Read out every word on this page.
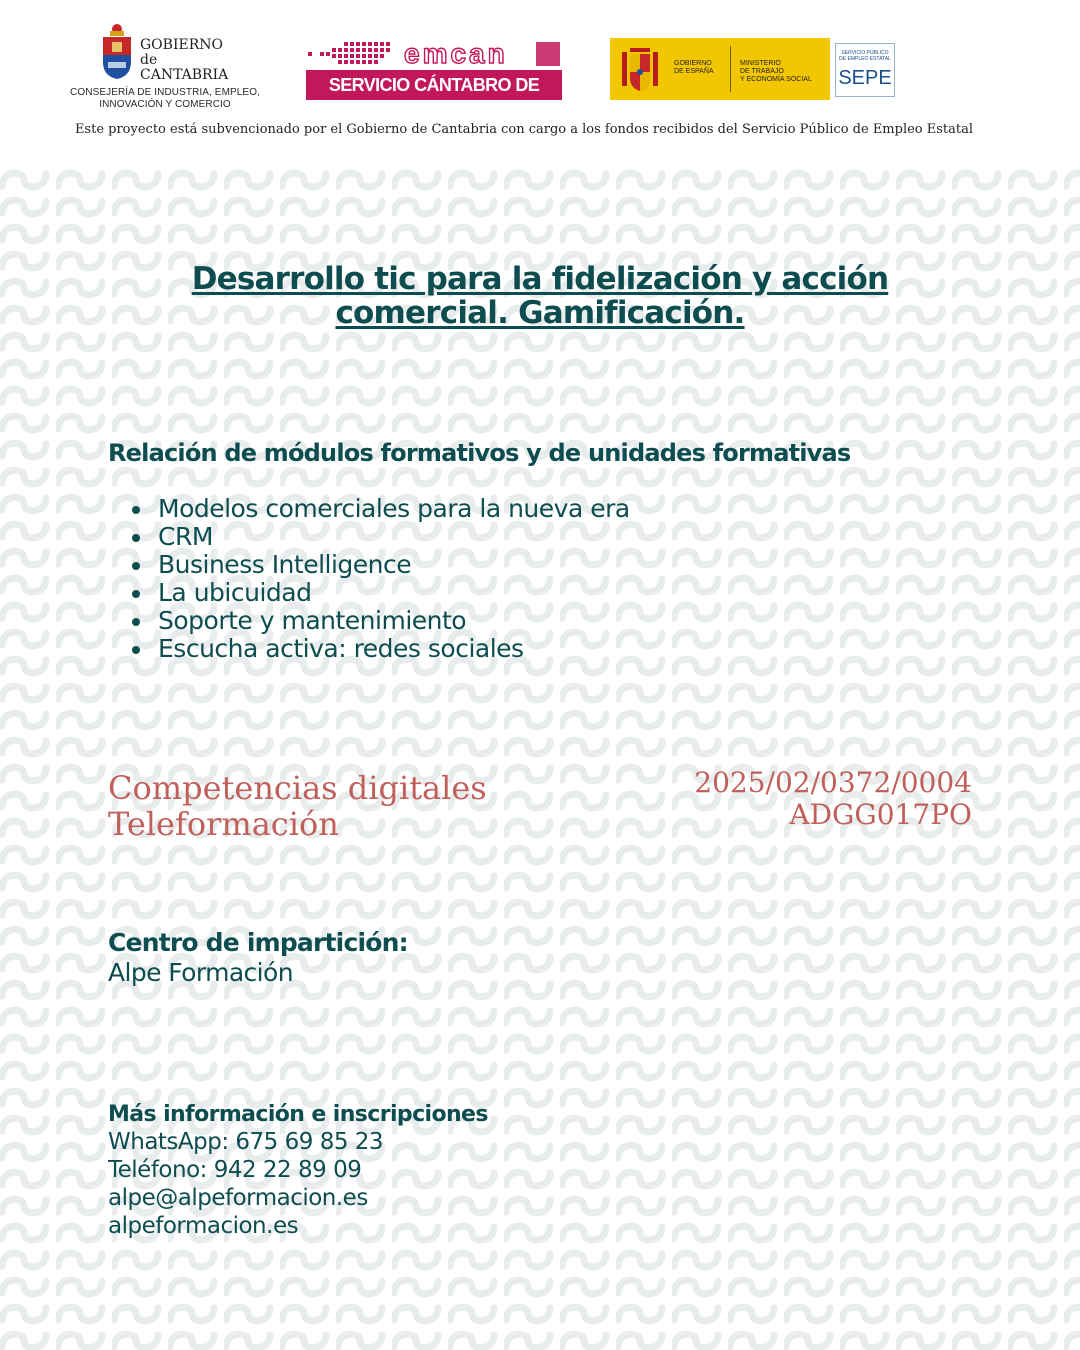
GOBIERNO
de
CANTABRIA
CONSEJERÍA DE INDUSTRIA, EMPLEO,
INNOVACIÓN Y COMERCIO
emcan
SERVICIO CÁNTABRO DE EMPLEO
GOBIERNO
DE ESPAÑA
MINISTERIO
DE TRABAJO
Y ECONOMÍA SOCIAL
SERVICIO PÚBLICO
DE EMPLEO ESTATAL
SEPE
Este proyecto está subvencionado por el Gobierno de Cantabria con cargo a los fondos recibidos del Servicio Público de Empleo Estatal
Desarrollo tic para la fidelización y acción
comercial. Gamificación.
Relación de módulos formativos y de unidades formativas
Modelos comerciales para la nueva era
CRM
Business Intelligence
La ubicuidad
Soporte y mantenimiento
Escucha activa: redes sociales
Competencias digitales
Teleformación
2025/02/0372/0004
ADGG017PO
Centro de impartición:
Alpe Formación
Más información e inscripciones
WhatsApp: 675 69 85 23
Teléfono: 942 22 89 09
alpe@alpeformacion.es
alpeformacion.es
